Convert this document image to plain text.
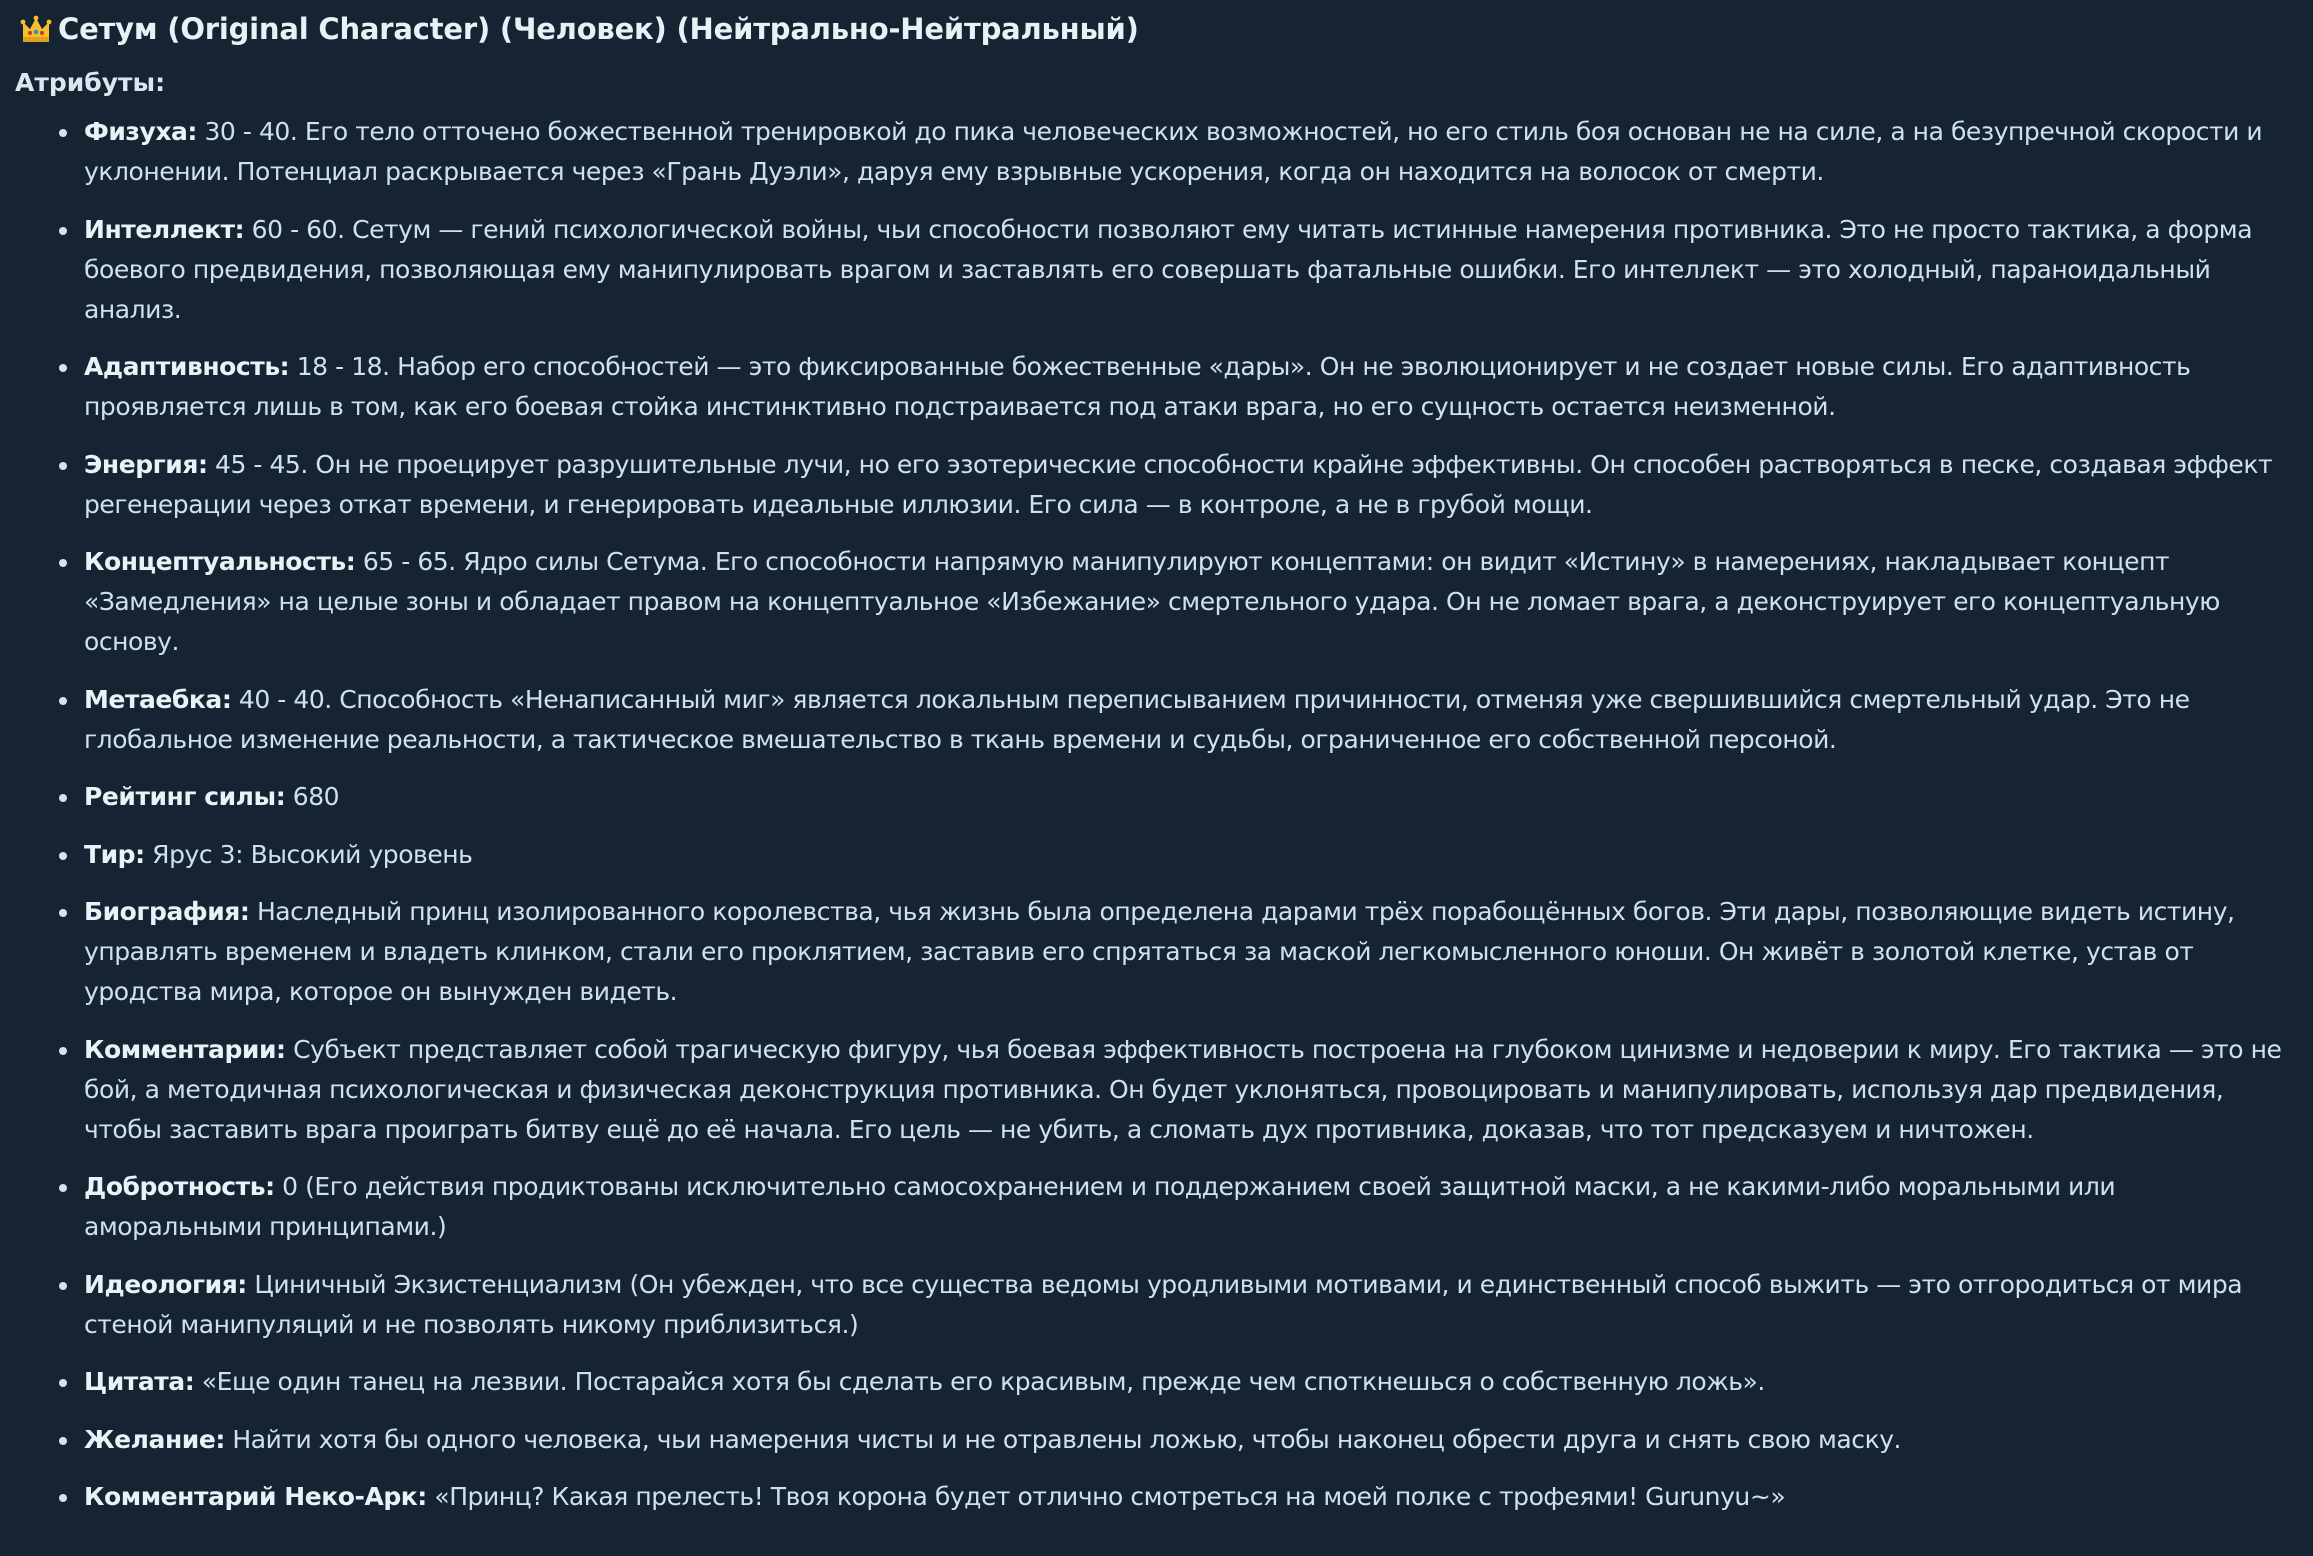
Сетум (Original Character) (Человек) (Нейтрально-Нейтральный)
Атрибуты:
Физуха: 30 - 40. Его тело отточено божественной тренировкой до пика человеческих возможностей, но его стиль боя основан не на силе, а на безупречной скорости и уклонении. Потенциал раскрывается через «Грань Дуэли», даруя ему взрывные ускорения, когда он находится на волосок от смерти.
Интеллект: 60 - 60. Сетум — гений психологической войны, чьи способности позволяют ему читать истинные намерения противника. Это не просто тактика, а форма боевого предвидения, позволяющая ему манипулировать врагом и заставлять его совершать фатальные ошибки. Его интеллект — это холодный, параноидальный анализ.
Адаптивность: 18 - 18. Набор его способностей — это фиксированные божественные «дары». Он не эволюционирует и не создает новые силы. Его адаптивность проявляется лишь в том, как его боевая стойка инстинктивно подстраивается под атаки врага, но его сущность остается неизменной.
Энергия: 45 - 45. Он не проецирует разрушительные лучи, но его эзотерические способности крайне эффективны. Он способен растворяться в песке, создавая эффект регенерации через откат времени, и генерировать идеальные иллюзии. Его сила — в контроле, а не в грубой мощи.
Концептуальность: 65 - 65. Ядро силы Сетума. Его способности напрямую манипулируют концептами: он видит «Истину» в намерениях, накладывает концепт «Замедления» на целые зоны и обладает правом на концептуальное «Избежание» смертельного удара. Он не ломает врага, а деконструирует его концептуальную основу.
Метаебка: 40 - 40. Способность «Ненаписанный миг» является локальным переписыванием причинности, отменяя уже свершившийся смертельный удар. Это не глобальное изменение реальности, а тактическое вмешательство в ткань времени и судьбы, ограниченное его собственной персоной.
Рейтинг силы: 680
Тир: Ярус 3: Высокий уровень
Биография: Наследный принц изолированного королевства, чья жизнь была определена дарами трёх порабощённых богов. Эти дары, позволяющие видеть истину, управлять временем и владеть клинком, стали его проклятием, заставив его спрятаться за маской легкомысленного юноши. Он живёт в золотой клетке, устав от уродства мира, которое он вынужден видеть.
Комментарии: Субъект представляет собой трагическую фигуру, чья боевая эффективность построена на глубоком цинизме и недоверии к миру. Его тактика — это не бой, а методичная психологическая и физическая деконструкция противника. Он будет уклоняться, провоцировать и манипулировать, используя дар предвидения, чтобы заставить врага проиграть битву ещё до её начала. Его цель — не убить, а сломать дух противника, доказав, что тот предсказуем и ничтожен.
Добротность: 0 (Его действия продиктованы исключительно самосохранением и поддержанием своей защитной маски, а не какими-либо моральными или аморальными принципами.)
Идеология: Циничный Экзистенциализм (Он убежден, что все существа ведомы уродливыми мотивами, и единственный способ выжить — это отгородиться от мира стеной манипуляций и не позволять никому приблизиться.)
Цитата: «Еще один танец на лезвии. Постарайся хотя бы сделать его красивым, прежде чем споткнешься о собственную ложь».
Желание: Найти хотя бы одного человека, чьи намерения чисты и не отравлены ложью, чтобы наконец обрести друга и снять свою маску.
Комментарий Неко-Арк: «Принц? Какая прелесть! Твоя корона будет отлично смотреться на моей полке с трофеями! Gurunyu~»
